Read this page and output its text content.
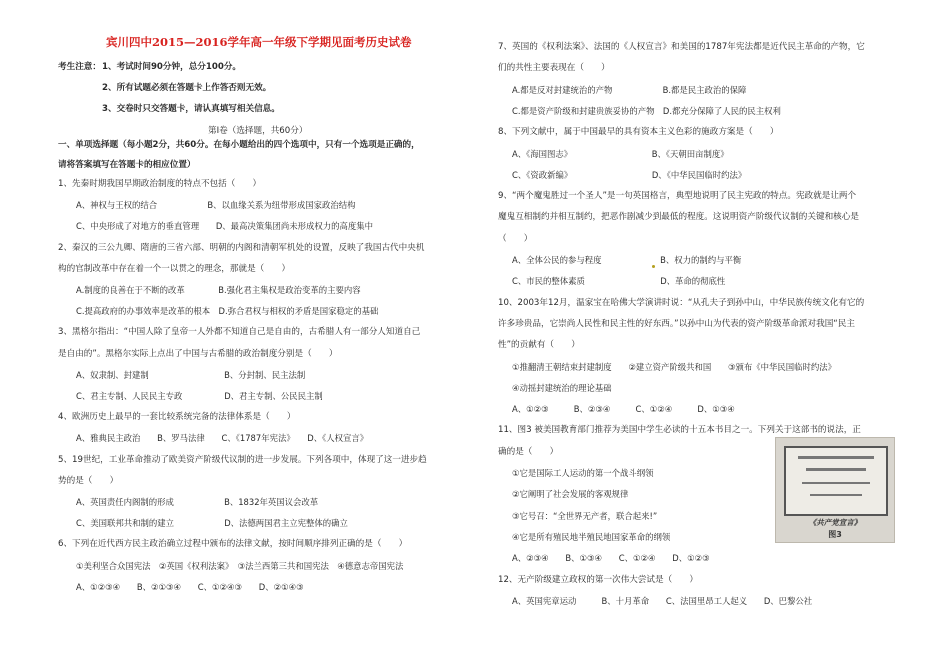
宾川四中2015—2016学年高一年级下学期见面考历史试卷
考生注意： 1、考试时间90分钟，总分100分。
2、所有试题必须在答题卡上作答否则无效。
3、交卷时只交答题卡，请认真填写相关信息。
第Ⅰ卷（选择题，共60分）
一、单项选择题（每小题2分，共60分。在每小题给出的四个选项中，只有一个选项是正确的，
请将答案填写在答题卡的相应位置）
1、先秦时期我国早期政治制度的特点不包括（　　）
A、神权与王权的结合　　　　　　B、以血缘关系为纽带形成国家政治结构
C、中央形成了对地方的垂直管理　　D、最高决策集团尚未形成权力的高度集中
2、秦汉的三公九卿、隋唐的三省六部、明朝的内阁和清朝军机处的设置，反映了我国古代中央机
构的官制改革中存在着一个一以贯之的理念，那就是（　　）
A.制度的良善在于不断的改革　　　　B.强化君主集权是政治变革的主要内容
C.提高政府的办事效率是改革的根本　D.弥合君权与相权的矛盾是国家稳定的基础
3、黑格尔指出：“中国人除了皇帝一人外都不知道自己是自由的，古希腊人有一部分人知道自己
是自由的”。黑格尔实际上点出了中国与古希腊的政治制度分别是（　　）
A、奴隶制、封建制　　　　　　　　　B、分封制、民主法制
C、君主专制、人民民主专政　　　　　D、君主专制、公民民主制
4、欧洲历史上最早的一套比较系统完备的法律体系是（　　）
A、雅典民主政治　　B、罗马法律　　C、《1787年宪法》　　D、《人权宣言》
5、19世纪，工业革命推动了欧美资产阶级代议制的进一步发展。下列各项中，体现了这一进步趋
势的是（　　）
A、英国责任内阁制的形成　　　　　　B、1832年英国议会改革
C、美国联邦共和制的建立　　　　　　D、法德两国君主立宪整体的确立
6、下列在近代西方民主政治确立过程中颁布的法律文献，按时间顺序排列正确的是（　　）
①美利坚合众国宪法　②英国《权利法案》　③法兰西第三共和国宪法　④德意志帝国宪法
A、①②③④　　B、②①③④　　C、①②④③　　D、②①④③
7、英国的《权利法案》、法国的《人权宣言》和美国的1787年宪法都是近代民主革命的产物，它
们的共性主要表现在（　　）
A.都是反对封建统治的产物　　　　　　B.都是民主政治的保障
C.都是资产阶级和封建贵族妥协的产物　D.都充分保障了人民的民主权利
8、下列文献中，属于中国最早的具有资本主义色彩的施政方案是（　　）
A、《海国图志》　　　　　　　　　　B、《天朝田亩制度》
C、《资政新编》　　　　　　　　　　D、《中华民国临时约法》
9、“两个魔鬼胜过一个圣人”是一句英国格言，典型地说明了民主宪政的特点。宪政就是让两个
魔鬼互相制约并相互制约，把恶作剧减少到最低的程度。这说明资产阶级代议制的关键和核心是
（　　）
A、全体公民的参与程度　　　　　　　B、权力的制约与平衡
C、市民的整体素质　　　　　　　　　D、革命的彻底性
10、2003年12月，温家宝在哈佛大学演讲时说：“从孔夫子到孙中山，中华民族传统文化有它的
许多珍贵品，它崇尚人民性和民主性的好东西。”以孙中山为代表的资产阶级革命派对我国“民主
性”的贡献有（　　）
①推翻清王朝结束封建制度　　②建立资产阶级共和国　　③颁布《中华民国临时约法》
④动摇封建统治的理论基础
A、①②③　　　B、②③④　　　C、①②④　　　D、①③④
11、图3 被美国教育部门推荐为美国中学生必读的十五本书目之一。下列关于这部书的说法，正
确的是（　　）
①它是国际工人运动的第一个战斗纲领
②它阐明了社会发展的客观规律
③它号召：“全世界无产者，联合起来!”
④它是所有殖民地半殖民地国家革命的纲领
A、②③④　　B、①③④　　C、①②④　　D、①②③
12、无产阶级建立政权的第一次伟大尝试是（　　）
A、英国宪章运动　　　B、十月革命　　C、法国里昂工人起义　　D、巴黎公社
《共产党宣言》
图3
